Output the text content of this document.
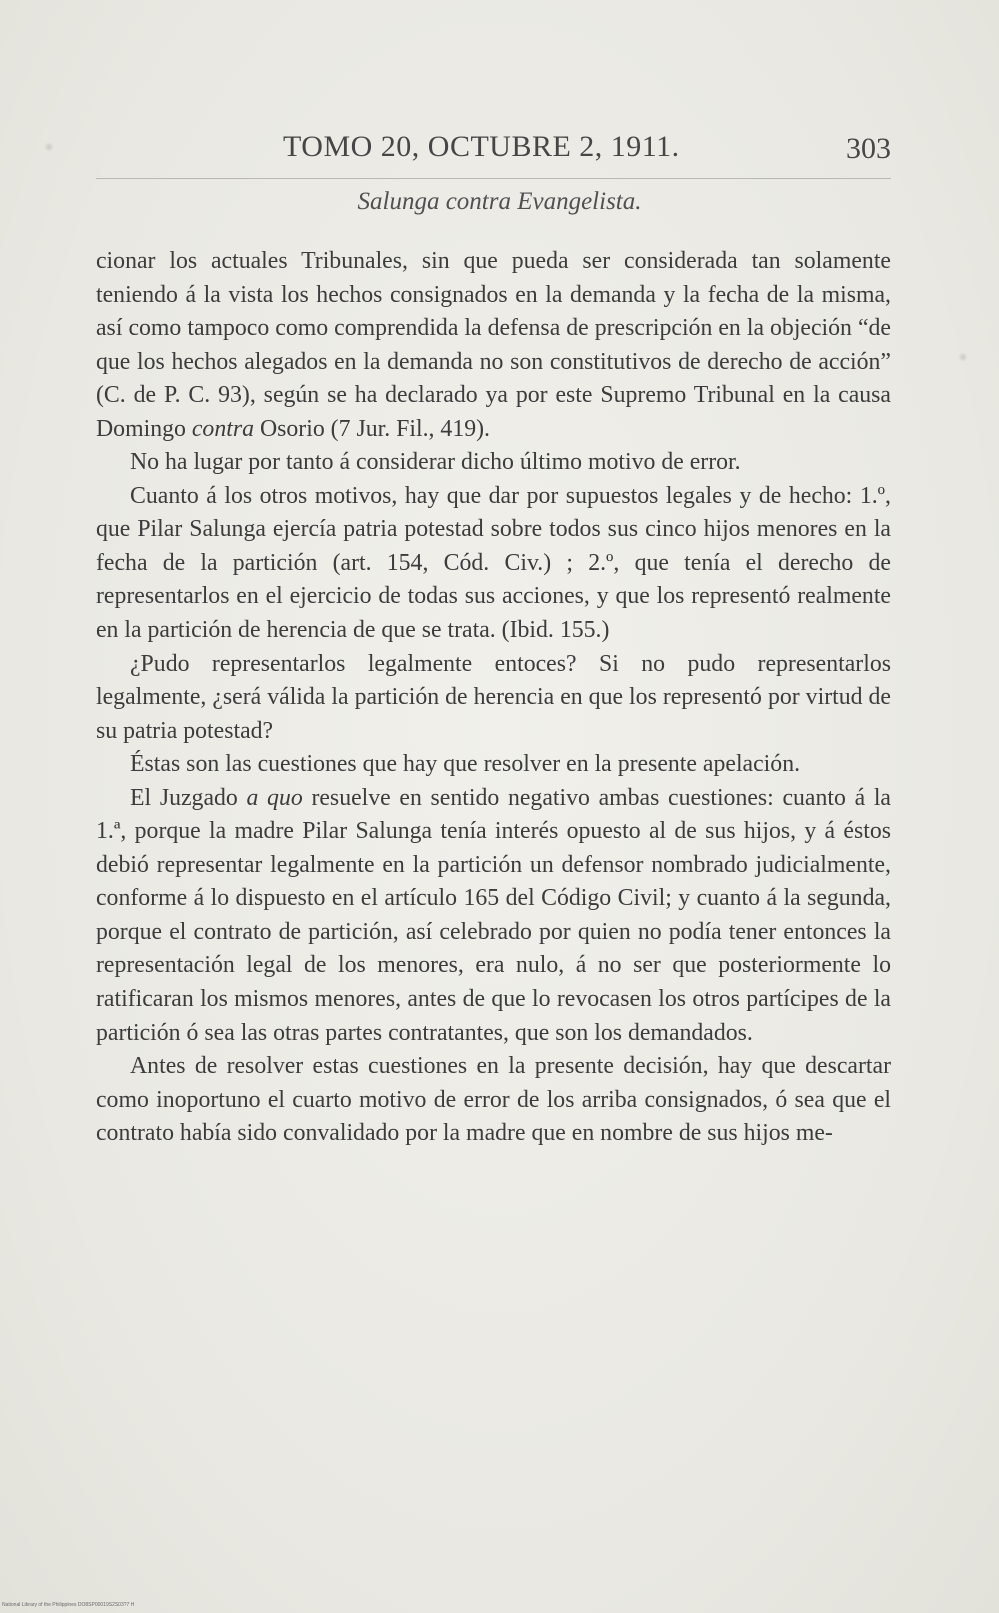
TOMO 20, OCTUBRE 2, 1911.	303
Salunga contra Evangelista.

cionar los actuales Tribunales, sin que pueda ser considerada tan solamente teniendo á la vista los hechos consignados en la demanda y la fecha de la misma, así como tampoco como comprendida la defensa de prescripción en la objeción “de que los hechos alegados en la demanda no son constitutivos de derecho de acción” (C. de P. C. 93), según se ha declarado ya por este Supremo Tribunal en la causa Domingo contra Osorio (7 Jur. Fil., 419).

No ha lugar por tanto á considerar dicho último motivo de error.

Cuanto á los otros motivos, hay que dar por supuestos legales y de hecho: 1.º, que Pilar Salunga ejercía patria potestad sobre todos sus cinco hijos menores en la fecha de la partición (art. 154, Cód. Civ.) ; 2.º, que tenía el derecho de representarlos en el ejercicio de todas sus acciones, y que los representó realmente en la partición de herencia de que se trata. (Ibid. 155.)

¿Pudo representarlos legalmente entoces? Si no pudo representarlos legalmente, ¿será válida la partición de herencia en que los representó por virtud de su patria potestad?

Éstas son las cuestiones que hay que resolver en la presente apelación.

El Juzgado a quo resuelve en sentido negativo ambas cuestiones: cuanto á la 1.ª, porque la madre Pilar Salunga tenía interés opuesto al de sus hijos, y á éstos debió representar legalmente en la partición un defensor nombrado judicialmente, conforme á lo dispuesto en el artículo 165 del Código Civil; y cuanto á la segunda, porque el contrato de partición, así celebrado por quien no podía tener entonces la representación legal de los menores, era nulo, á no ser que posteriormente lo ratificaran los mismos menores, antes de que lo revocasen los otros partícipes de la partición ó sea las otras partes contratantes, que son los demandados.

Antes de resolver estas cuestiones en la presente decisión, hay que descartar como inoportuno el cuarto motivo de error de los arriba consignados, ó sea que el contrato había sido convalidado por la madre que en nombre de sus hijos me-

National Library of the Philippines DO8SP00019S2S03?7 H
